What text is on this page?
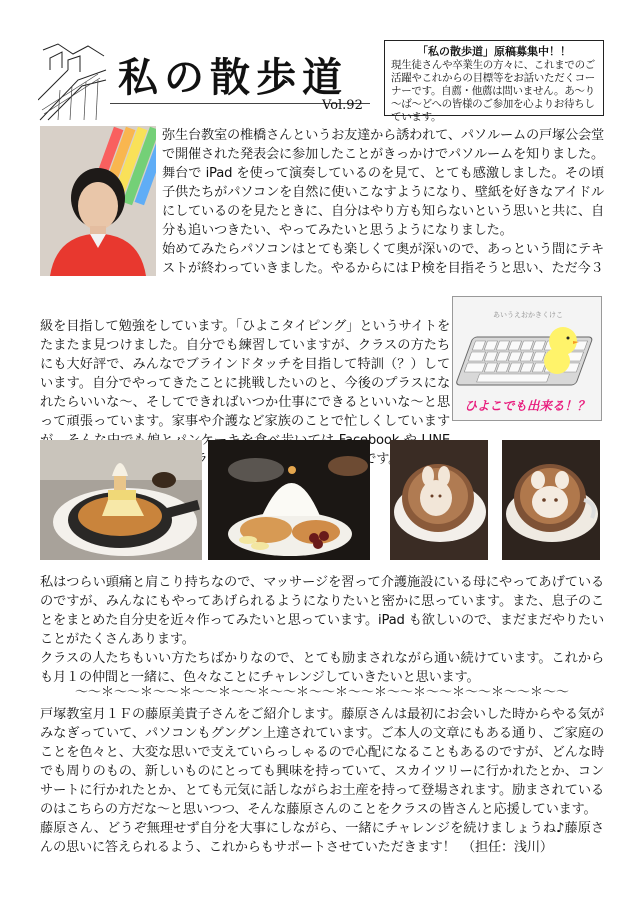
私の散歩道
Vol.92
「私の散歩道」原稿募集中！！
現生徒さんや卒業生の方々に、これまでのご活躍やこれからの目標等をお話いただくコーナーです。自薦・他薦は問いません。あ～り～ば～どへの皆様のご参加を心よりお待ちしています。

弥生台教室の椎橋さんというお友達から誘われて、パソルームの戸塚公会堂で開催された発表会に参加したことがきっかけでパソルームを知りました。舞台で iPad を使って演奏しているのを見て、とても感激しました。その頃子供たちがパソコンを自然に使いこなすようになり、壁紙を好きなアイドルにしているのを見たときに、自分はやり方も知らないという思いと共に、自分も追いつきたい、やってみたいと思うようになりました。

始めてみたらパソコンはとても楽しくて奥が深いので、あっという間にテキストが終わっていきました。やるからにはＰ検を目指そうと思い、ただ今３

級を目指して勉強をしています。「ひよこタイピング」というサイトをたまたま見つけました。自分でも練習していますが、クラスの方たちにも大好評で、みんなでブラインドタッチを目指して特訓（？）しています。自分でやってきたことに挑戦したいのと、今後のプラスになれたらいいな～、そしてできればいつか仕事にできるといいな～と思って頑張っています。家事や介護など家族のことで忙しくしています ケ

あいうえおかきくけこ
ひよこでも出来る！？

私はつらい頭痛と肩こり持ちなので、マッサージを習って介護施設にいる母にやってあげているのですが、みんなにもやってあげられるようになりたいと密かに思っています。また、息子のことをまとめた自分史を近々作ってみたいと思っています。iPad も欲しいので、まだまだやりたいことがたくさんあります。

クラスの人たちもいい方たちばかりなので、とても励まされながら通い続けています。これからも月１の仲間と一緒に、色々なことにチャレンジしていきたいと思います。

～～＊～～＊～～＊～～＊～～＊～～＊～～＊～～＊～～＊～～＊～～＊～～＊～～

戸塚教室月１Ｆの藤原美貴子さんをご紹介します。藤原さんは最初にお会いした時からやる気がみなぎっていて、パソコンもグングン上達されています。ご本人の文章にもある通り、ご家庭のことを色々と、大変な思いで支えていらっしゃるので心配になることもあるのですが、どんな時でも周りのもの、新しいものにとっても興味を持っていて、スカイツリーに行かれたとか、コンサートに行かれたとか、とても元気に話しながらお土産を持って登場されます。励まされているのはこちらの方だな～と思いつつ、そんな藤原さんのことをクラスの皆さんと応援しています。

藤原さん、どうぞ無理せず自分を大事にしながら、一緒にチャレンジを続けましょうね♪藤原さんの思いに答えられるよう、これからもサポートさせていただきます！　（担任：浅川）
